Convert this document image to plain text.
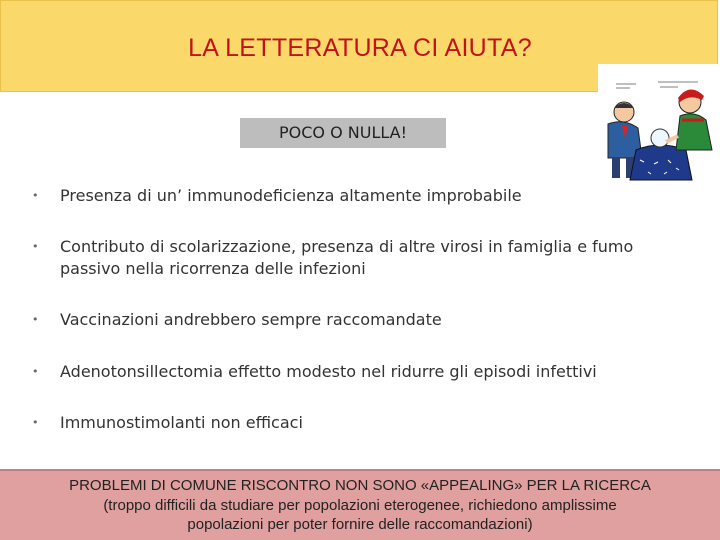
LA LETTERATURA CI AIUTA?
POCO O NULLA!
• Presenza di un’ immunodeficienza altamente improbabile
• Contributo di scolarizzazione, presenza di altre virosi in famiglia e fumo
passivo nella ricorrenza delle infezioni
• Vaccinazioni andrebbero sempre raccomandate
• Adenotonsillectomia effetto modesto nel ridurre gli episodi infettivi
• Immunostimolanti non efficaci
PROBLEMI DI COMUNE RISCONTRO NON SONO «APPEALING» PER LA RICERCA
(troppo difficili da studiare per popolazioni eterogenee, richiedono amplissime
popolazioni per poter fornire delle raccomandazioni)
